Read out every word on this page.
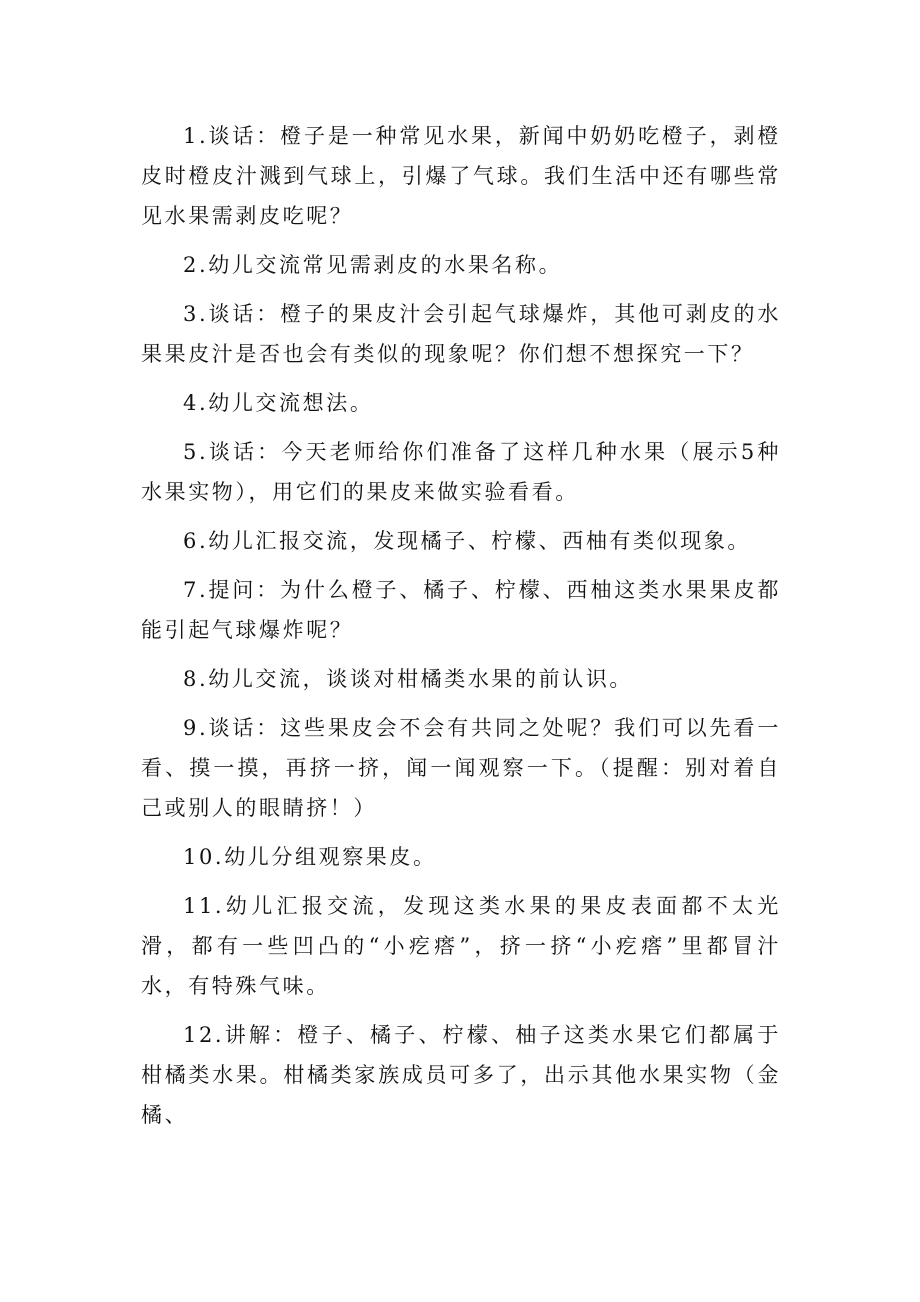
1.谈话：橙子是一种常见水果，新闻中奶奶吃橙子，剥橙皮时橙皮汁溅到气球上，引爆了气球。我们生活中还有哪些常见水果需剥皮吃呢？

2.幼儿交流常见需剥皮的水果名称。

3.谈话：橙子的果皮汁会引起气球爆炸，其他可剥皮的水果果皮汁是否也会有类似的现象呢？你们想不想探究一下？

4.幼儿交流想法。

5.谈话：今天老师给你们准备了这样几种水果（展示5种水果实物），用它们的果皮来做实验看看。

6.幼儿汇报交流，发现橘子、柠檬、西柚有类似现象。

7.提问：为什么橙子、橘子、柠檬、西柚这类水果果皮都能引起气球爆炸呢？

8.幼儿交流，谈谈对柑橘类水果的前认识。

9.谈话：这些果皮会不会有共同之处呢？我们可以先看一看、摸一摸，再挤一挤，闻一闻观察一下。（提醒：别对着自己或别人的眼睛挤！）

10.幼儿分组观察果皮。

11.幼儿汇报交流，发现这类水果的果皮表面都不太光滑，都有一些凹凸的“小疙瘩”，挤一挤“小疙瘩”里都冒汁水，有特殊气味。

12.讲解：橙子、橘子、柠檬、柚子这类水果它们都属于柑橘类水果。柑橘类家族成员可多了，出示其他水果实物（金橘、
